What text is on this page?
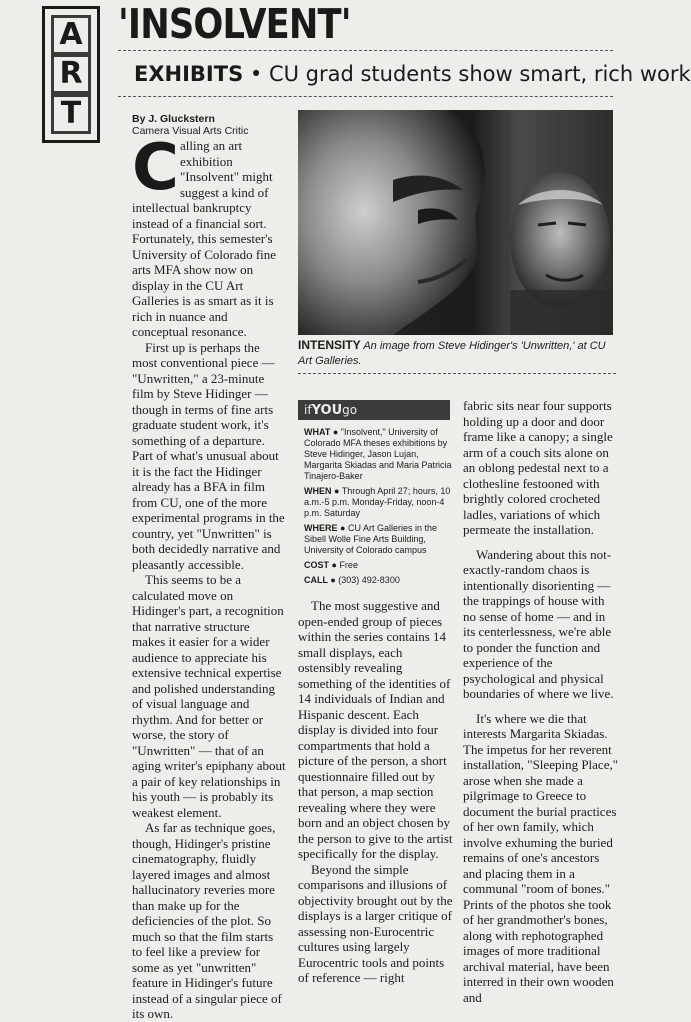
A
R
T
'INSOLVENT'
EXHIBITS • CU grad students show smart, rich work
By J. Gluckstern
Camera Visual Arts Critic

Calling an art exhibition "Insolvent" might suggest a kind of intellectual bankruptcy instead of a financial sort. Fortunately, this semester's University of Colorado fine arts MFA show now on display in the CU Art Galleries is as smart as it is rich in nuance and conceptual resonance.

First up is perhaps the most conventional piece — "Unwritten," a 23-minute film by Steve Hidinger — though in terms of fine arts graduate student work, it's something of a departure. Part of what's unusual about it is the fact the Hidinger already has a BFA in film from CU, one of the more experimental programs in the country, yet "Unwritten" is both decidedly narrative and pleasantly accessible.

This seems to be a calculated move on Hidinger's part, a recognition that narrative structure makes it easier for a wider audience to appreciate his extensive technical expertise and polished understanding of visual language and rhythm. And for better or worse, the story of "Unwritten" — that of an aging writer's epiphany about a pair of key relationships in his youth — is probably its weakest element.

As far as technique goes, though, Hidinger's pristine cinematography, fluidly layered images and almost hallucinatory reveries more than make up for the deficiencies of the plot. So much so that the film starts to feel like a preview for some as yet "unwritten" feature in Hidinger's future instead of a singular piece of its own.

INTENSITY An image from Steve Hidinger's 'Unwritten,' at CU Art Galleries.
ifYOUgo
WHAT ● "Insolvent," University of Colorado MFA theses exhibitions by Steve Hidinger, Jason Lujan, Margarita Skiadas and Maria Patricia Tinajero-Baker
WHEN ● Through April 27; hours, 10 a.m.-5 p.m. Monday-Friday, noon-4 p.m. Saturday
WHERE ● CU Art Galleries in the Sibell Wolle Fine Arts Building, University of Colorado campus
COST ● Free
CALL ● (303) 492-8300

The most suggestive and open-ended group of pieces within the series contains 14 small displays, each ostensibly revealing something of the identities of 14 individuals of Indian and Hispanic descent. Each display is divided into four compartments that hold a picture of the person, a short questionnaire filled out by that person, a map section revealing where they were born and an object chosen by the person to give to the artist specifically for the display.

Beyond the simple comparisons and illusions of objectivity brought out by the displays is a larger critique of assessing non-Eurocentric cultures using largely Eurocentric tools and points of reference — right

fabric sits near four supports holding up a door and door frame like a canopy; a single arm of a couch sits alone on an oblong pedestal next to a clothesline festooned with brightly colored crocheted ladles, variations of which permeate the installation.

Wandering about this not-exactly-random chaos is intentionally disorienting — the trappings of house with no sense of home — and in its centerlessness, we're able to ponder the function and experience of the psychological and physical boundaries of where we live.

It's where we die that interests Margarita Skiadas. The impetus for her reverent installation, "Sleeping Place," arose when she made a pilgrimage to Greece to document the burial practices of her own family, which involve exhuming the buried remains of one's ancestors and placing them in a communal "room of bones." Prints of the photos she took of her grandmother's bones, along with rephotographed images of more traditional archival material, have been interred in their own wooden and
